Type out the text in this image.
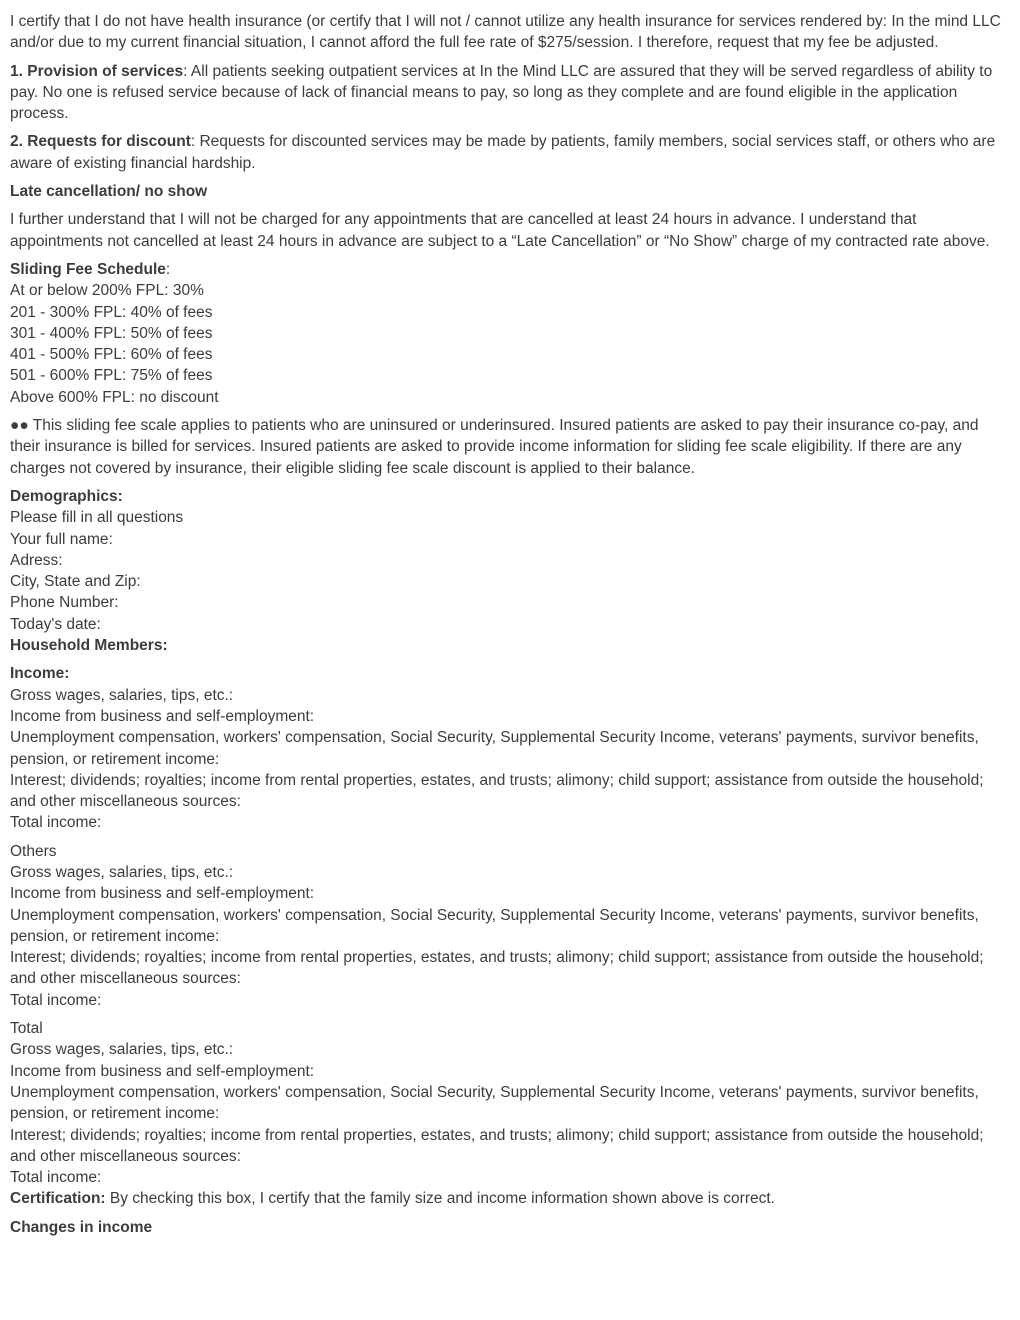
I certify that I do not have health insurance (or certify that I will not / cannot utilize any health insurance for services rendered by: In the mind LLC and/or due to my current financial situation, I cannot afford the full fee rate of $275/session. I therefore, request that my fee be adjusted.

1. Provision of services: All patients seeking outpatient services at In the Mind LLC are assured that they will be served regardless of ability to pay. No one is refused service because of lack of financial means to pay, so long as they complete and are found eligible in the application process.

2. Requests for discount: Requests for discounted services may be made by patients, family members, social services staff, or others who are aware of existing financial hardship.

Late cancellation/ no show

I further understand that I will not be charged for any appointments that are cancelled at least 24 hours in advance. I understand that appointments not cancelled at least 24 hours in advance are subject to a “Late Cancellation” or “No Show” charge of my contracted rate above.

Sliding Fee Schedule:
At or below 200% FPL: 30%
201 - 300% FPL: 40% of fees
301 - 400% FPL: 50% of fees
401 - 500% FPL: 60% of fees
501 - 600% FPL: 75% of fees
Above 600% FPL: no discount

●● This sliding fee scale applies to patients who are uninsured or underinsured. Insured patients are asked to pay their insurance co-pay, and their insurance is billed for services. Insured patients are asked to provide income information for sliding fee scale eligibility. If there are any charges not covered by insurance, their eligible sliding fee scale discount is applied to their balance.

Demographics:
Please fill in all questions
Your full name:
Adress:
City, State and Zip:
Phone Number:
Today's date:
Household Members:
Income:
Gross wages, salaries, tips, etc.:
Income from business and self-employment:
Unemployment compensation, workers' compensation, Social Security, Supplemental Security Income, veterans' payments, survivor benefits, pension, or retirement income:
Interest; dividends; royalties; income from rental properties, estates, and trusts; alimony; child support; assistance from outside the household; and other miscellaneous sources:
Total income:
Others
Gross wages, salaries, tips, etc.:
Income from business and self-employment:
Unemployment compensation, workers' compensation, Social Security, Supplemental Security Income, veterans' payments, survivor benefits, pension, or retirement income:
Interest; dividends; royalties; income from rental properties, estates, and trusts; alimony; child support; assistance from outside the household; and other miscellaneous sources:
Total income:
Total
Gross wages, salaries, tips, etc.:
Income from business and self-employment:
Unemployment compensation, workers' compensation, Social Security, Supplemental Security Income, veterans' payments, survivor benefits, pension, or retirement income:
Interest; dividends; royalties; income from rental properties, estates, and trusts; alimony; child support; assistance from outside the household; and other miscellaneous sources:
Total income:
Certification: By checking this box, I certify that the family size and income information shown above is correct.

Changes in income
